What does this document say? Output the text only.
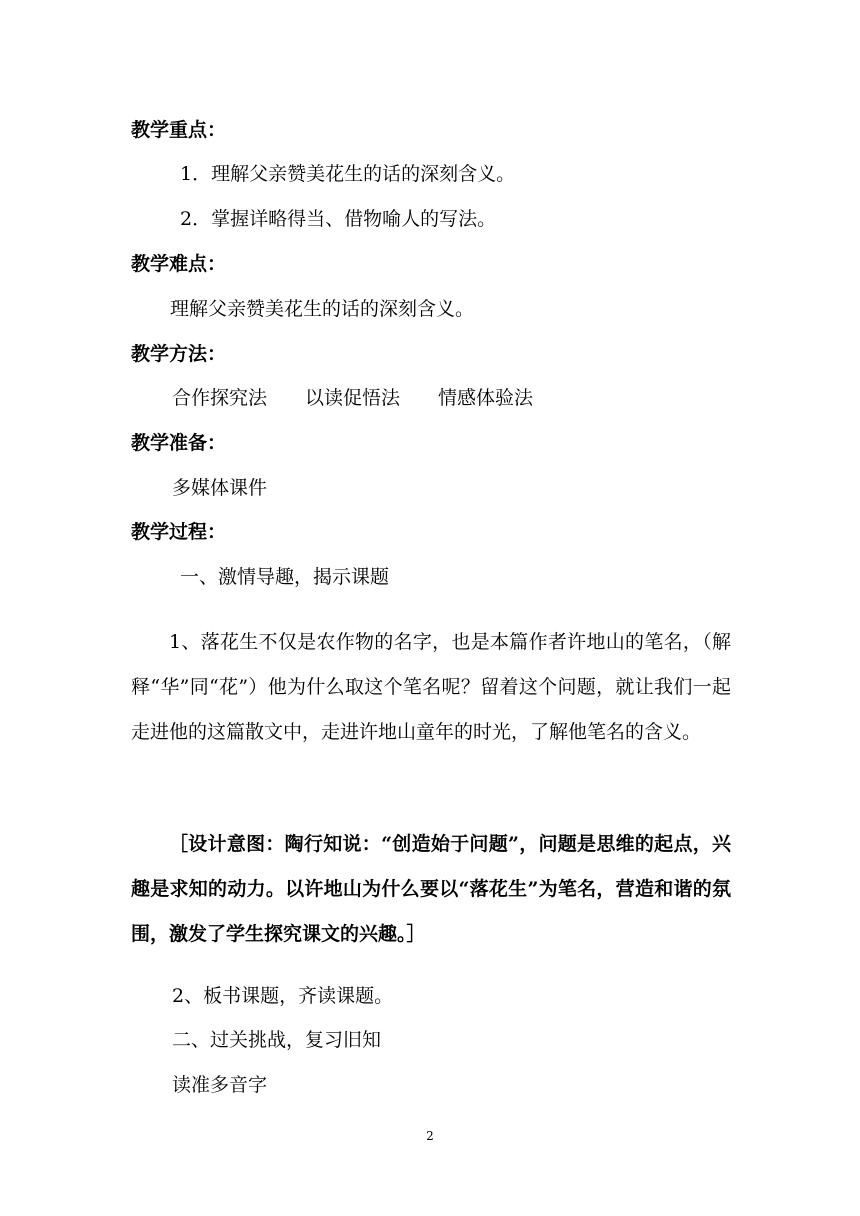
教学重点：
1．理解父亲赞美花生的话的深刻含义。
2．掌握详略得当、借物喻人的写法。
教学难点：
理解父亲赞美花生的话的深刻含义。
教学方法：
合作探究法 以读促悟法 情感体验法
教学准备：
多媒体课件
教学过程：
一、激情导趣，揭示课题
1、落花生不仅是农作物的名字，也是本篇作者许地山的笔名，（解释“华”同“花”）他为什么取这个笔名呢？留着这个问题，就让我们一起走进他的这篇散文中，走进许地山童年的时光，了解他笔名的含义。
［设计意图：陶行知说：“创造始于问题”，问题是思维的起点，兴趣是求知的动力。以许地山为什么要以“落花生”为笔名，营造和谐的氛围，激发了学生探究课文的兴趣。］
2、板书课题，齐读课题。
二、过关挑战，复习旧知
读准多音字
2
